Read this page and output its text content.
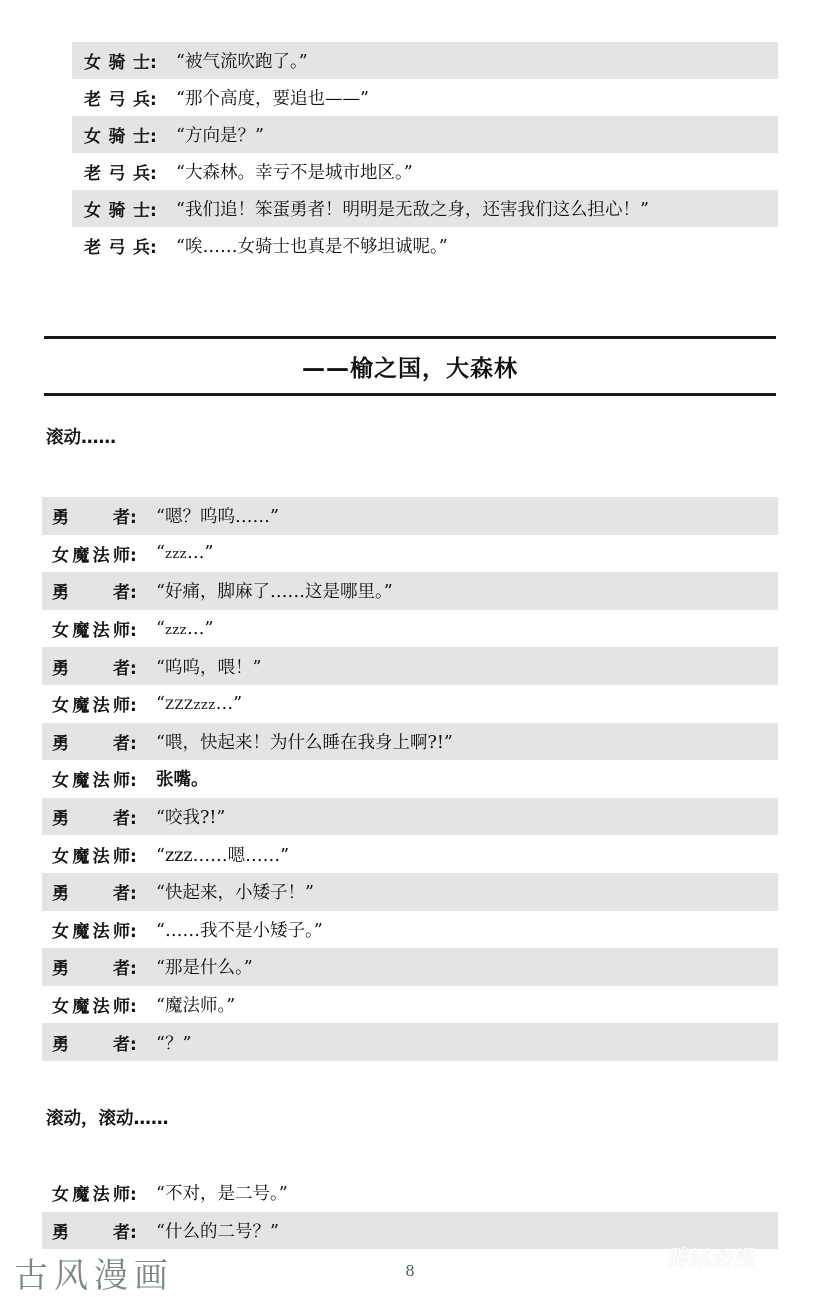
女骑士:	“被气流吹跑了。”
老弓兵:	“那个高度，要追也——”
女骑士:	“方向是？”
老弓兵:	“大森林。幸亏不是城市地区。”
女骑士:	“我们追！笨蛋勇者！明明是无敌之身，还害我们这么担心！”
老弓兵:	“唉……女骑士也真是不够坦诚呢。”
——榆之国，大森林
滚动……
勇者:	“嗯？呜呜……”
女魔法师:	“zzz…”
勇者:	“好痛，脚麻了……这是哪里。”
女魔法师:	“zzz…”
勇者:	“呜呜，喂！”
女魔法师:	“ZZZzzz…”
勇者:	“喂，快起来！为什么睡在我身上啊?!”
女魔法师:	张嘴。
勇者:	“咬我?!”
女魔法师:	“zzz……嗯……”
勇者:	“快起来，小矮子！”
女魔法师:	“……我不是小矮子。”
勇者:	“那是什么。”
女魔法师:	“魔法师。”
勇者:	“？”
滚动，滚动……
女魔法师:	“不对，是二号。”
勇者:	“什么的二号？”
古风漫画	8
腾讯动漫
